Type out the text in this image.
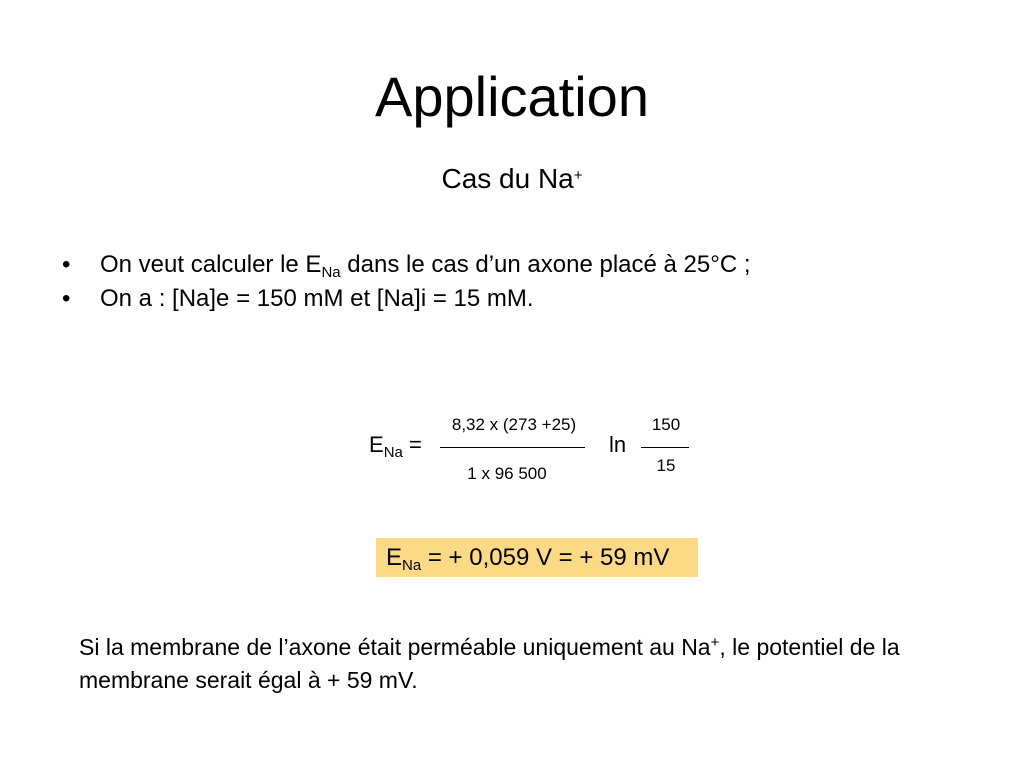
Application
Cas du Na+
• On veut calculer le $E_{Na}$ dans le cas d’un axone placé à 25°C ;
• On a : [Na]e = 150 mM et [Na]i = 15 mM.
$E_{Na}$ =
8,32 x (273 +25)
1 x 96 500
ln
150
15
$E_{Na}$ = + 0,059 V = + 59 mV

Si la membrane de l’axone était perméable uniquement au Na+, le potentiel de la membrane serait égal à + 59 mV.
